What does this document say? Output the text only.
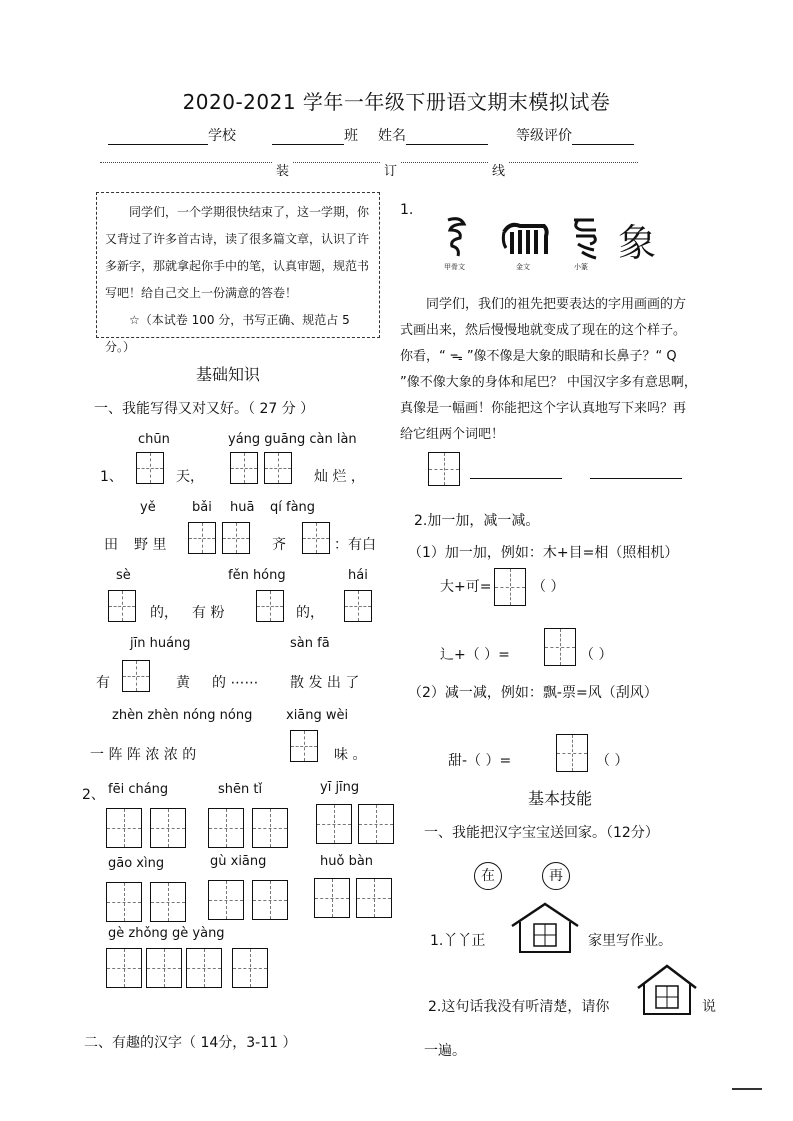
2020-2021 学年一年级下册语文期末模拟试卷
学校	班 姓名	等级评价
装	订	线

同学们，一个学期很快结束了，这一学期，你又背过了许多首古诗，读了很多篇文章，认识了许多新字，那就拿起你手中的笔，认真审题，规范书写吧！给自己交上一份满意的答卷！

☆（本试卷 100 分，书写正确、规范占 5 分。）

基础知识
一、我能写得又对又好。（ 27 分 ）
chūn	yáng guāng càn làn
1、	天，	灿 烂 ，
yě	bǎi huā qí fàng
田 野 里	齐	：有白
sè	fěn hóng	hái
的， 有 粉	的，
jīn huáng	sàn fā
有	黄 的 ⋯⋯ 散 发 出 了
zhèn zhèn nóng nóng	xiāng wèi
一 阵 阵 浓 浓 的	味 。
2、 fēi cháng	shēn tǐ	yī jīng
gāo xìng	gù xiāng	huǒ bàn
gè zhǒng gè yàng
二、有趣的汉字（ 14分，3-11 ）
1.
甲骨文	金文	小篆
象

同学们，我们的祖先把要表达的字用画画的方式画出来，然后慢慢地就变成了现在的这个样子。你看，“ ᯓ ”像不像是大象的眼睛和长鼻子？“ Q ”像不像大象的身体和尾巴？ 中国汉字多有意思啊，真像是一幅画！你能把这个字认真地写下来吗？再给它组两个词吧！

2.加一加，减一减。
（1）加一加，例如：木+目=相（照相机）
大+可=	（ ）
辶+（ ）=	（ ）
（2）减一减，例如：飘-票=风（刮风）
甜-（ ）=	（ ）
基本技能
一、我能把汉字宝宝送回家。（12分）
在	再
1.丫丫正	家里写作业。
2.这句话我没有听清楚，请你	说
一遍。
